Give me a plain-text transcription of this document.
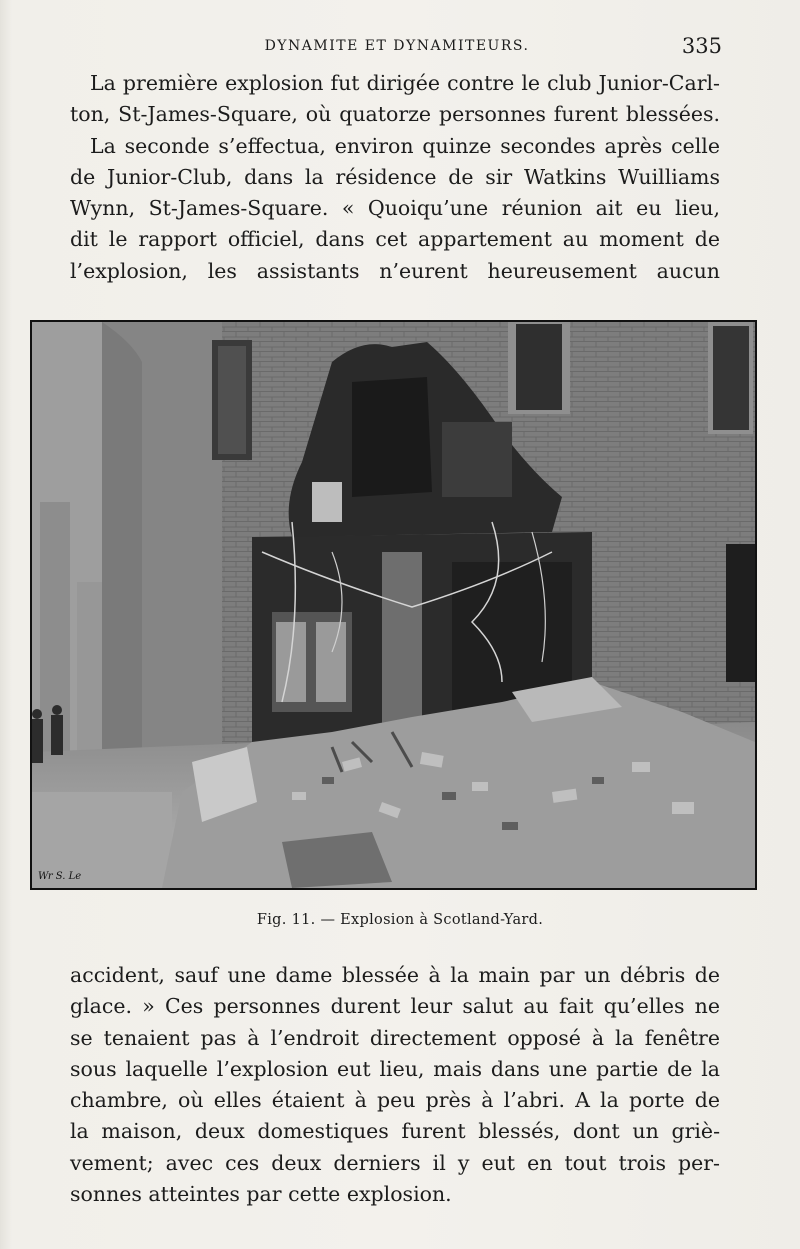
DYNAMITE ET DYNAMITEURS.	335
La première explosion fut dirigée contre le club Junior-Carl-
ton, St-James-Square, où quatorze personnes furent blessées.
La seconde s’effectua, environ quinze secondes après celle
de Junior-Club, dans la résidence de sir Watkins Wuilliams
Wynn, St-James-Square. « Quoiqu’une réunion ait eu lieu,
dit le rapport officiel, dans cet appartement au moment de
l’explosion, les assistants n’eurent heureusement aucun
Wr S. Le
Fig. 11. — Explosion à Scotland-Yard.
accident, sauf une dame blessée à la main par un débris de
glace. » Ces personnes durent leur salut au fait qu’elles ne
se tenaient pas à l’endroit directement opposé à la fenêtre
sous laquelle l’explosion eut lieu, mais dans une partie de la
chambre, où elles étaient à peu près à l’abri. A la porte de
la maison, deux domestiques furent blessés, dont un griè-
vement; avec ces deux derniers il y eut en tout trois per-
sonnes atteintes par cette explosion.
